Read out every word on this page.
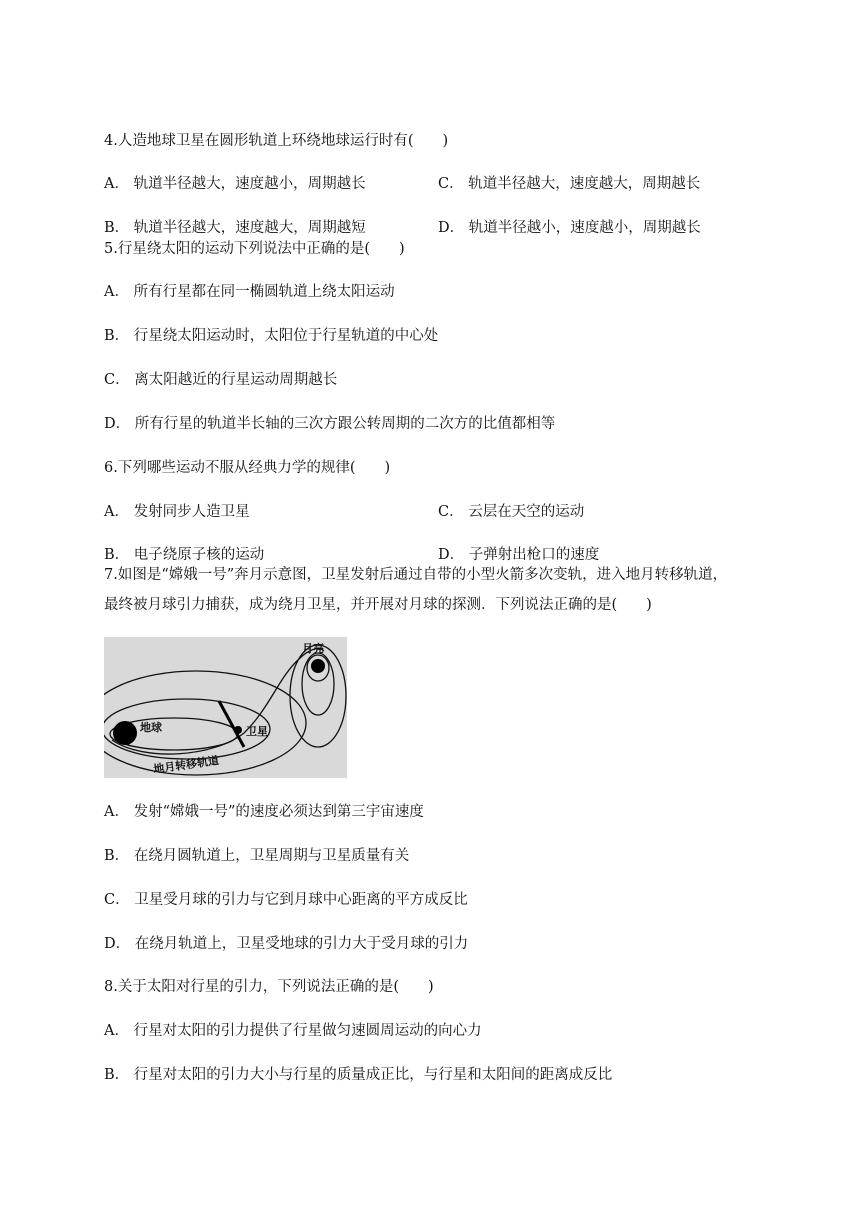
4.人造地球卫星在圆形轨道上环绕地球运行时有(　　)
A． 轨道半径越大，速度越小，周期越长	C． 轨道半径越大，速度越大，周期越长
B． 轨道半径越大，速度越大，周期越短	D． 轨道半径越小，速度越小，周期越长
5.行星绕太阳的运动下列说法中正确的是(　　)
A． 所有行星都在同一椭圆轨道上绕太阳运动
B． 行星绕太阳运动时，太阳位于行星轨道的中心处
C． 离太阳越近的行星运动周期越长
D． 所有行星的轨道半长轴的三次方跟公转周期的二次方的比值都相等
6.下列哪些运动不服从经典力学的规律(　　)
A． 发射同步人造卫星	C． 云层在天空的运动
B． 电子绕原子核的运动	D． 子弹射出枪口的速度
7.如图是“嫦娥一号”奔月示意图，卫星发射后通过自带的小型火箭多次变轨，进入地月转移轨道，
最终被月球引力捕获，成为绕月卫星，并开展对月球的探测．下列说法正确的是(　　)
地球
月亮
卫星
地月转移轨道
A． 发射“嫦娥一号”的速度必须达到第三宇宙速度
B． 在绕月圆轨道上，卫星周期与卫星质量有关
C． 卫星受月球的引力与它到月球中心距离的平方成反比
D． 在绕月轨道上，卫星受地球的引力大于受月球的引力
8.关于太阳对行星的引力，下列说法正确的是(　　)
A． 行星对太阳的引力提供了行星做匀速圆周运动的向心力
B． 行星对太阳的引力大小与行星的质量成正比，与行星和太阳间的距离成反比
